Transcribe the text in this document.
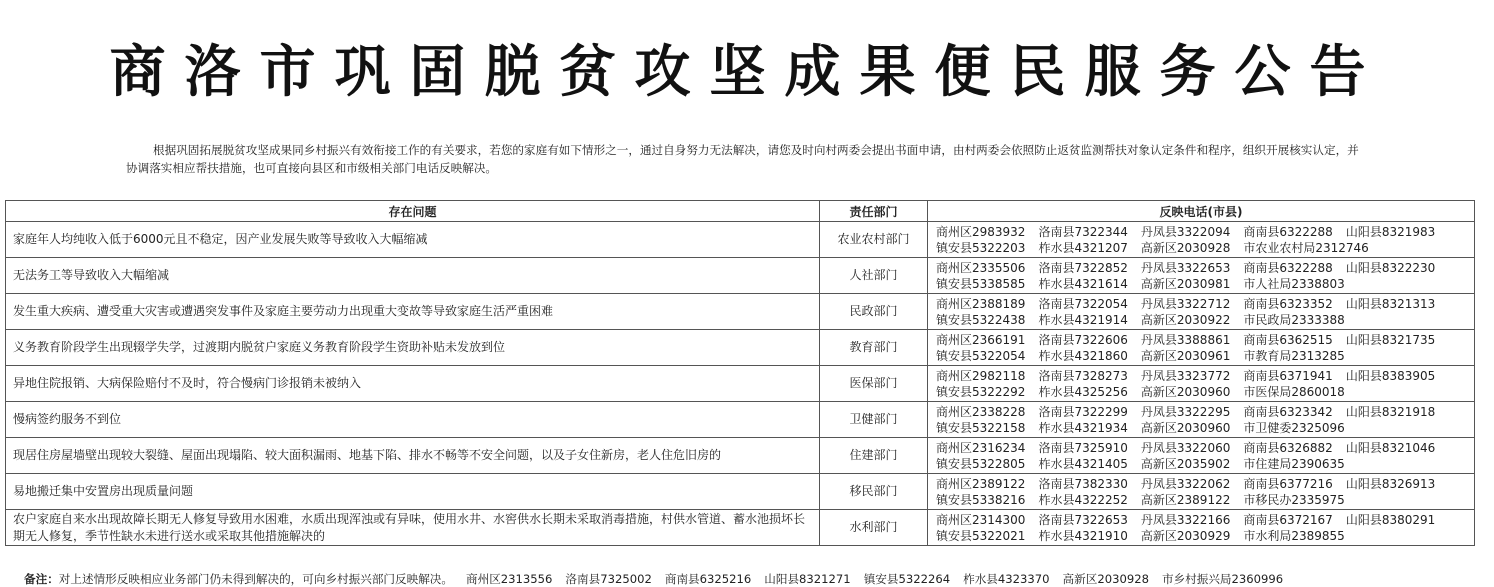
商洛市巩固脱贫攻坚成果便民服务公告
根据巩固拓展脱贫攻坚成果同乡村振兴有效衔接工作的有关要求，若您的家庭有如下情形之一，通过自身努力无法解决，请您及时向村两委会提出书面申请，由村两委会依照防止返贫监测帮扶对象认定条件和程序，组织开展核实认定，并协调落实相应帮扶措施，也可直接向县区和市级相关部门电话反映解决。
存在问题	责任部门	反映电话(市县)
家庭年人均纯收入低于6000元且不稳定，因产业发展失败等导致收入大幅缩减	农业农村部门	商州区2983932 洛南县7322344 丹凤县3322094 商南县6322288 山阳县8321983
镇安县5322203 柞水县4321207 高新区2030928 市农业农村局2312746

无法务工等导致收入大幅缩减	人社部门	商州区2335506 洛南县7322852 丹凤县3322653 商南县6322288 山阳县8322230
镇安县5338585 柞水县4321614 高新区2030981 市人社局2338803

发生重大疾病、遭受重大灾害或遭遇突发事件及家庭主要劳动力出现重大变故等导致家庭生活严重困难	民政部门	商州区2388189 洛南县7322054 丹凤县3322712 商南县6323352 山阳县8321313
镇安县5322438 柞水县4321914 高新区2030922 市民政局2333388

义务教育阶段学生出现辍学失学，过渡期内脱贫户家庭义务教育阶段学生资助补贴未发放到位	教育部门	商州区2366191 洛南县7322606 丹凤县3388861 商南县6362515 山阳县8321735
镇安县5322054 柞水县4321860 高新区2030961 市教育局2313285

异地住院报销、大病保险赔付不及时，符合慢病门诊报销未被纳入	医保部门	商州区2982118 洛南县7328273 丹凤县3323772 商南县6371941 山阳县8383905
镇安县5322292 柞水县4325256 高新区2030960 市医保局2860018

慢病签约服务不到位	卫健部门	商州区2338228 洛南县7322299 丹凤县3322295 商南县6323342 山阳县8321918
镇安县5322158 柞水县4321934 高新区2030960 市卫健委2325096

现居住房屋墙壁出现较大裂缝、屋面出现塌陷、较大面积漏雨、地基下陷、排水不畅等不安全问题，以及子女住新房，老人住危旧房的	住建部门	商州区2316234 洛南县7325910 丹凤县3322060 商南县6326882 山阳县8321046
镇安县5322805 柞水县4321405 高新区2035902 市住建局2390635

易地搬迁集中安置房出现质量问题	移民部门	商州区2389122 洛南县7382330 丹凤县3322062 商南县6377216 山阳县8326913
镇安县5338216 柞水县4322252 高新区2389122 市移民办2335975

农户家庭自来水出现故障长期无人修复导致用水困难，水质出现浑浊或有异味，使用水井、水窖供水长期未采取消毒措施，村供水管道、蓄水池损坏长期无人修复，季节性缺水未进行送水或采取其他措施解决的	水利部门	商州区2314300 洛南县7322653 丹凤县3322166 商南县6372167 山阳县8380291
镇安县5322021 柞水县4321910 高新区2030929 市水利局2389855
备注：对上述情形反映相应业务部门仍未得到解决的，可向乡村振兴部门反映解决。 商州区2313556 洛南县7325002 商南县6325216 山阳县8321271 镇安县5322264 柞水县4323370 高新区2030928 市乡村振兴局2360996
